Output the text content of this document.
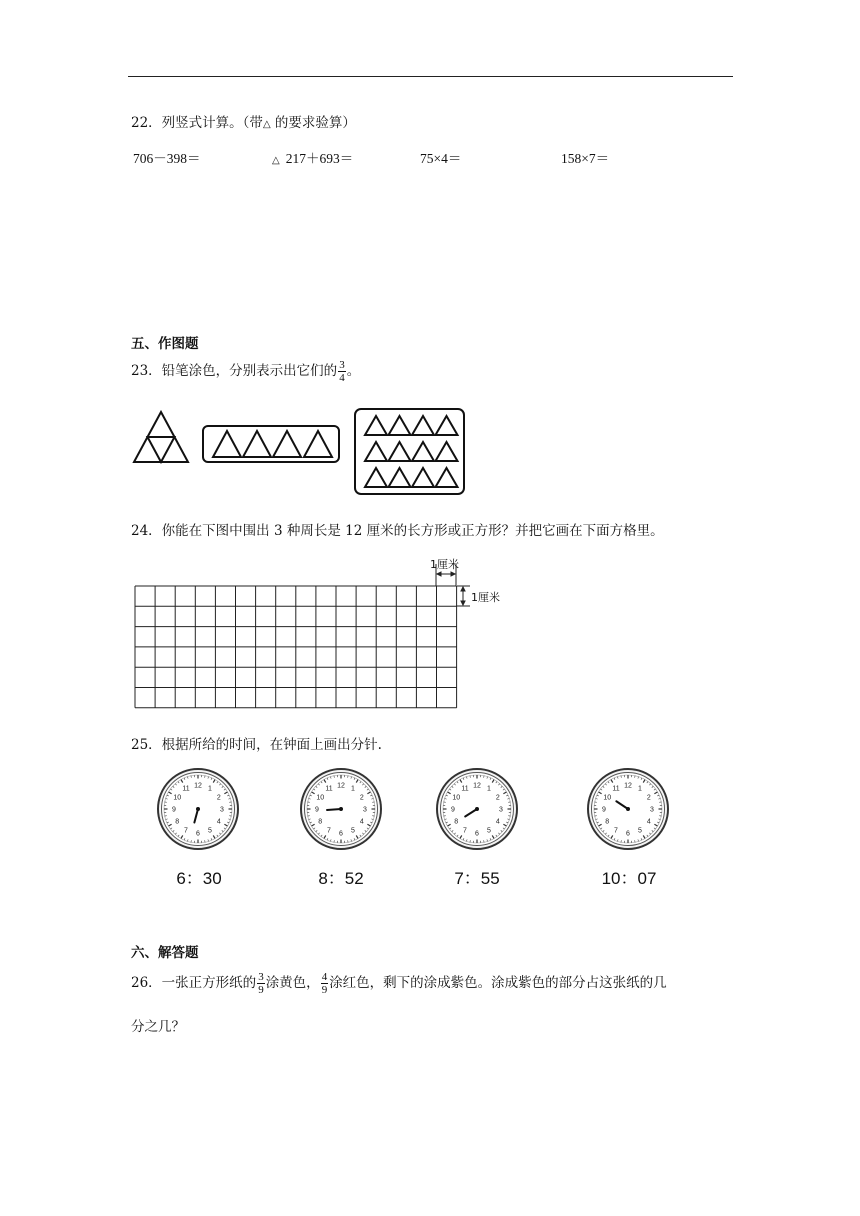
22．列竖式计算。（带△ 的要求验算）
706－398＝	△ 217＋693＝	75×4＝	158×7＝
五、作图题
23．铅笔涂色，分别表示出它们的 $\frac{3}{4}$ 。
24．你能在下图中围出 3 种周长是 12 厘米的长方形或正方形？并把它画在下面方格里。
1厘米
1厘米
25．根据所给的时间，在钟面上画出分针.
12 1
2
3
4
5
6
7
8
9
10
11	12 1
2
3
4
5
6
7
8
9
10
11	12 1
2
3
4
5
6
7
8
9
10
11	12 1
2
3
4
5
6
7
8
9
10
11
6：30	8：52	7：55	10：07
六、解答题
26．一张正方形纸的 $\frac{3}{9}$ 涂黄色， $\frac{4}{9}$ 涂红色，剩下的涂成紫色。涂成紫色的部分占这张纸的几
分之几？
